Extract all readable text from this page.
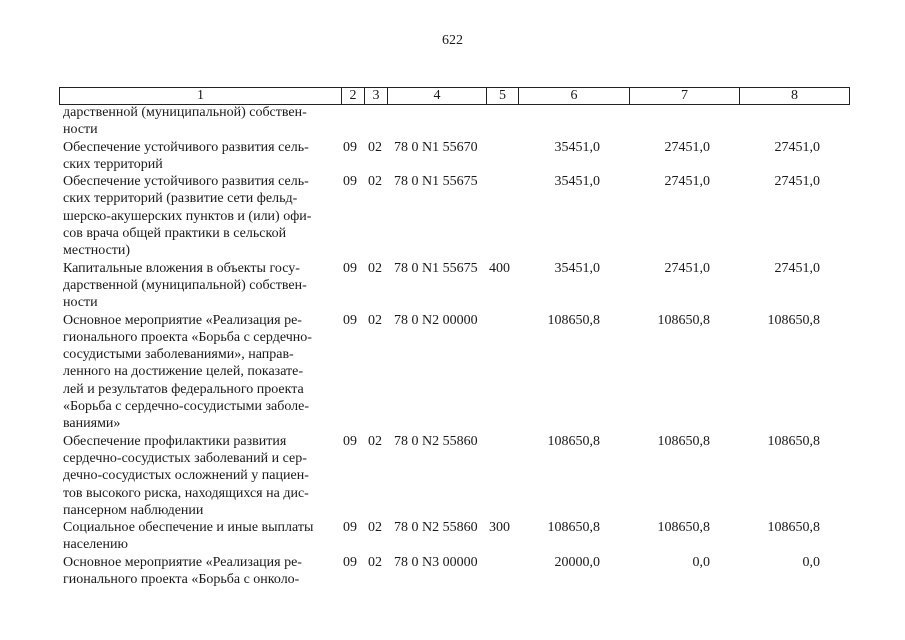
622
1	2	3	4	5	6	7	8
дарственной (муниципальной) собствен-
ности
Обеспечение устойчивого развития сель-
ских территорий
09 02 78 0 N1 55670	35451,0	27451,0	27451,0
Обеспечение устойчивого развития сель-
ских территорий (развитие сети фельд-
шерско-акушерских пунктов и (или) офи-
сов врача общей практики в сельской
местности)
09 02 78 0 N1 55675	35451,0	27451,0	27451,0
Капитальные вложения в объекты госу-
дарственной (муниципальной) собствен-
ности
09 02 78 0 N1 55675 400	35451,0	27451,0	27451,0
Основное мероприятие «Реализация ре-
гионального проекта «Борьба с сердечно-
сосудистыми заболеваниями», направ-
ленного на достижение целей, показате-
лей и результатов федерального проекта
«Борьба с сердечно-сосудистыми заболе-
ваниями»
09 02 78 0 N2 00000	108650,8	108650,8	108650,8
Обеспечение профилактики развития
сердечно-сосудистых заболеваний и сер-
дечно-сосудистых осложнений у пациен-
тов высокого риска, находящихся на дис-
пансерном наблюдении
09 02 78 0 N2 55860	108650,8	108650,8	108650,8
Социальное обеспечение и иные выплаты
населению
09 02 78 0 N2 55860 300	108650,8	108650,8	108650,8
Основное мероприятие «Реализация ре-
гионального проекта «Борьба с онколо-
09 02 78 0 N3 00000	20000,0	0,0	0,0
